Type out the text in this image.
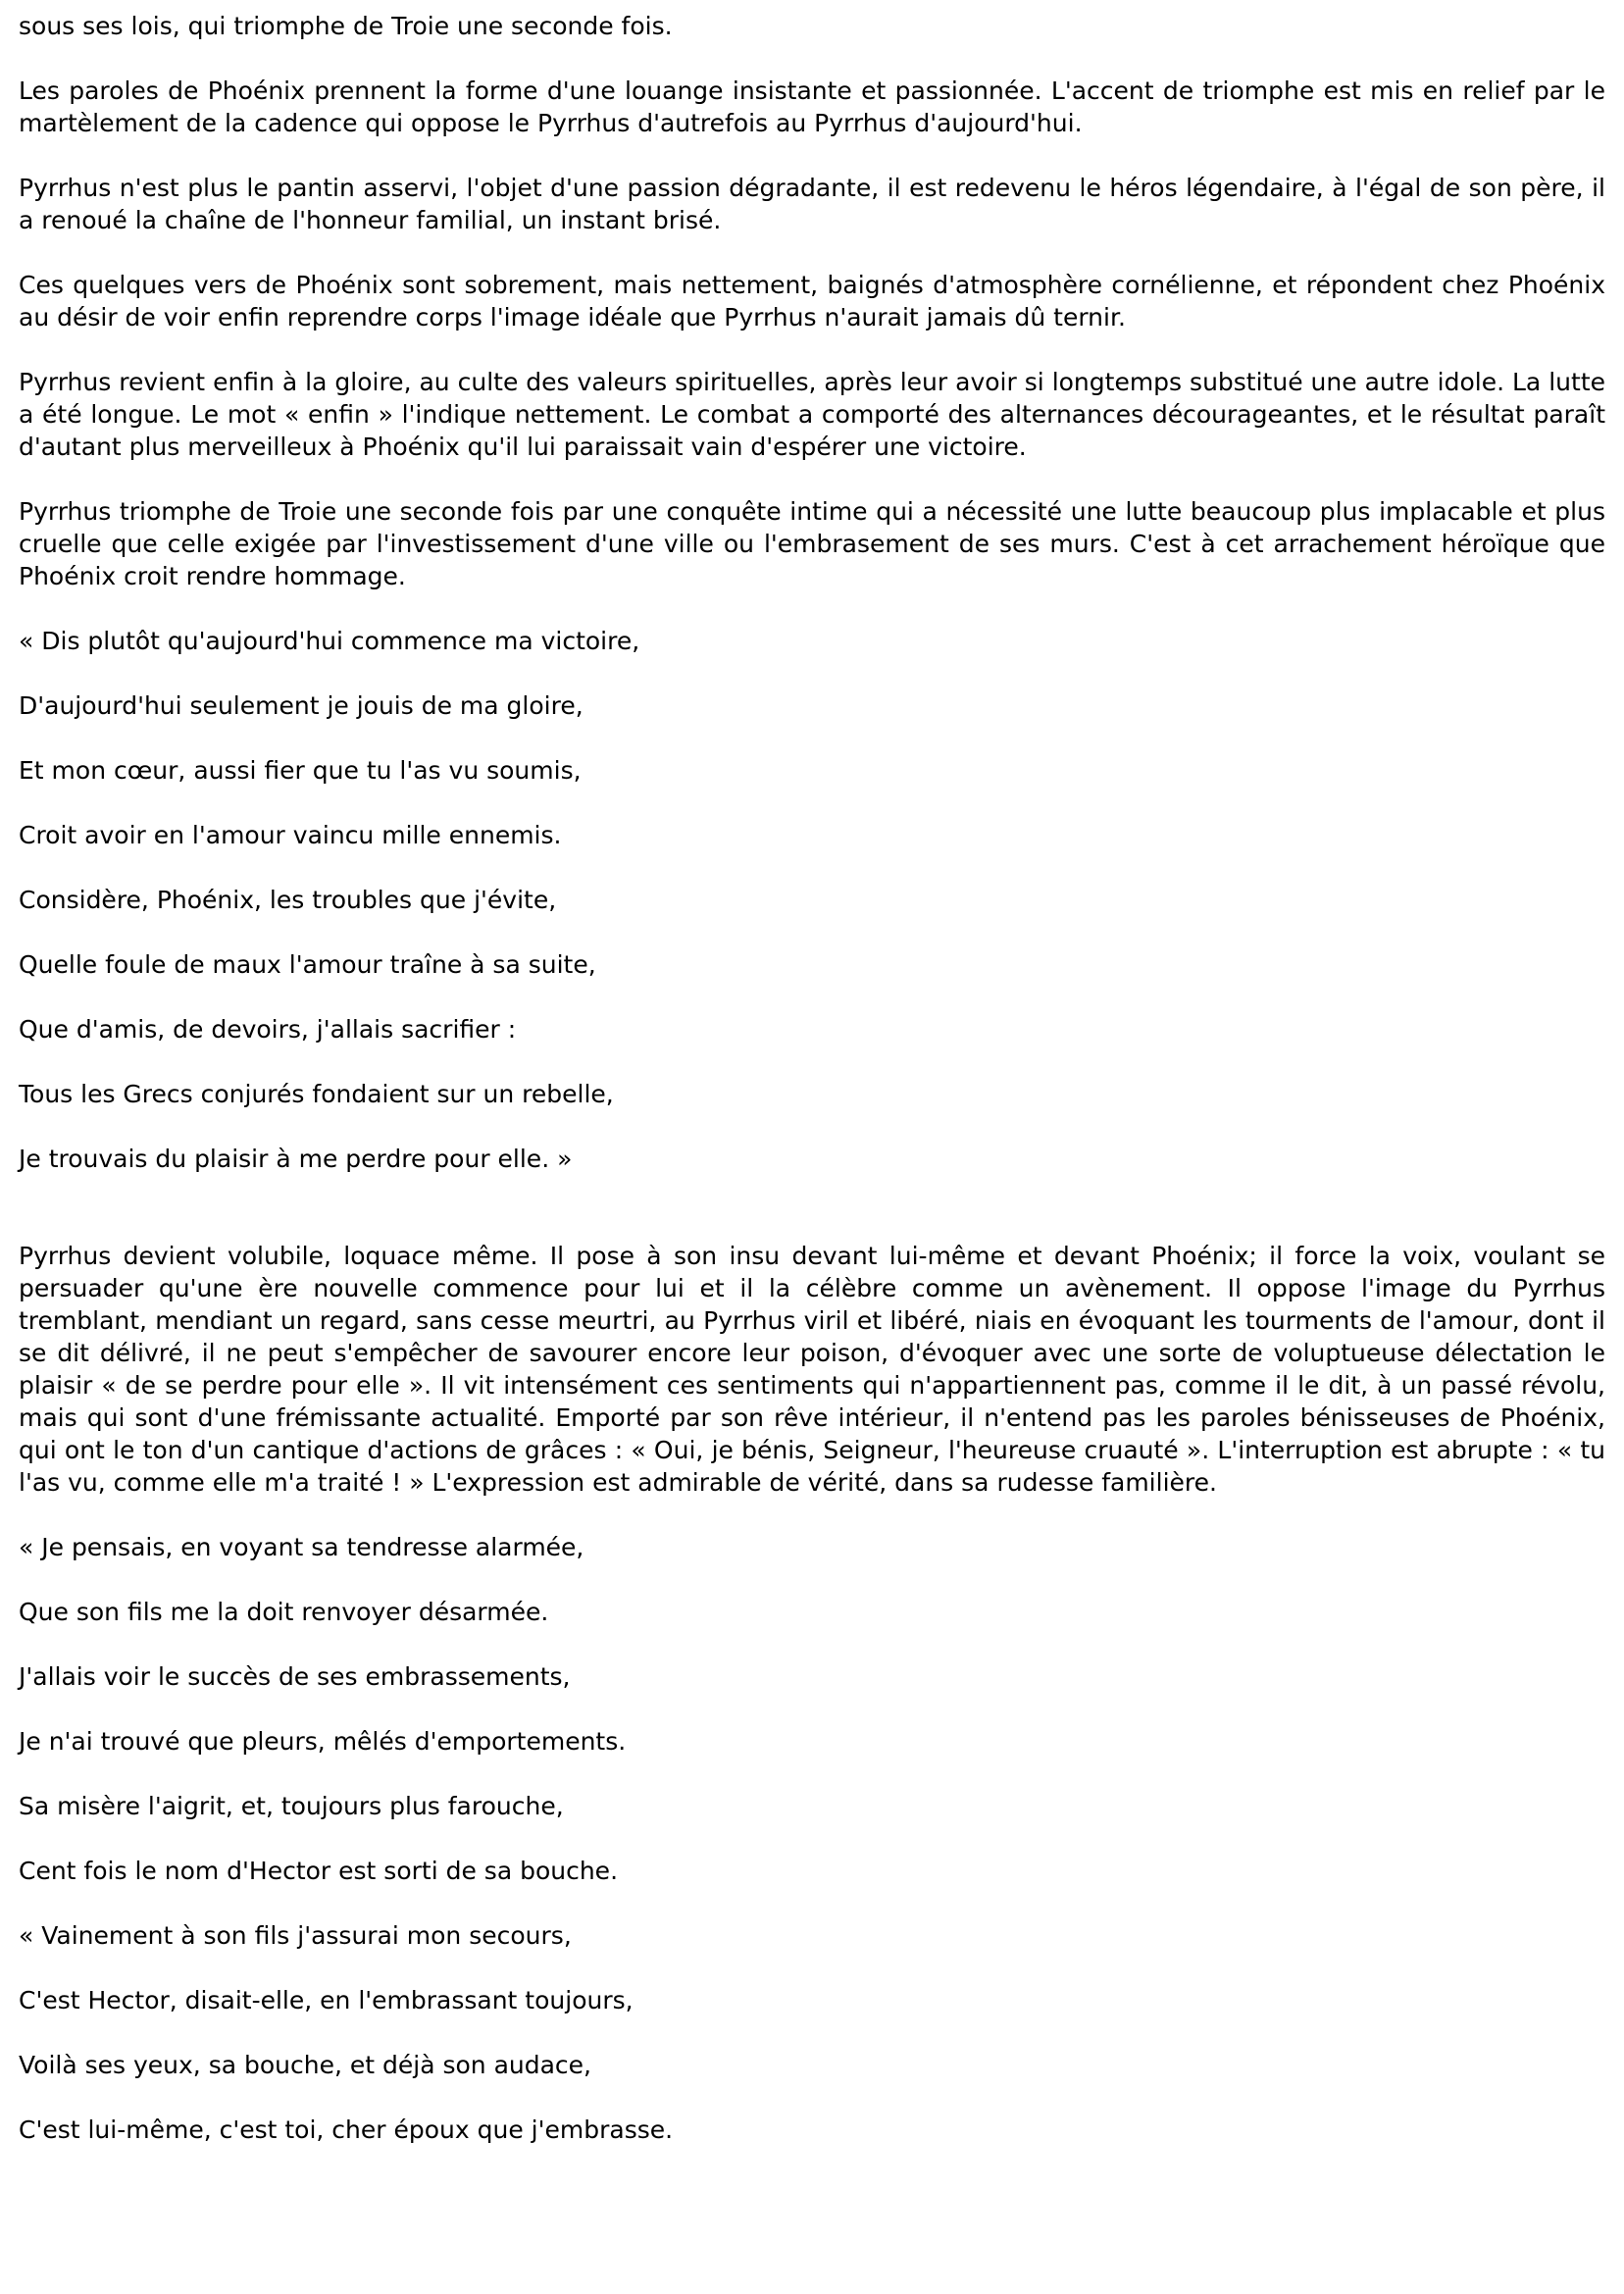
sous ses lois, qui triomphe de Troie une seconde fois.

Les paroles de Phoénix prennent la forme d'une louange insistante et passionnée. L'accent de triomphe est mis en relief par le martèlement de la cadence qui oppose le Pyrrhus d'autrefois au Pyrrhus d'aujourd'hui.

Pyrrhus n'est plus le pantin asservi, l'objet d'une passion dégradante, il est redevenu le héros légendaire, à l'égal de son père, il a renoué la chaîne de l'honneur familial, un instant brisé.

Ces quelques vers de Phoénix sont sobrement, mais nettement, baignés d'atmosphère cornélienne, et répondent chez Phoénix au désir de voir enfin reprendre corps l'image idéale que Pyrrhus n'aurait jamais dû ternir.

Pyrrhus revient enfin à la gloire, au culte des valeurs spirituelles, après leur avoir si longtemps substitué une autre idole. La lutte a été longue. Le mot « enfin » l'indique nettement. Le combat a comporté des alternances décourageantes, et le résultat paraît d'autant plus merveilleux à Phoénix qu'il lui paraissait vain d'espérer une victoire.

Pyrrhus triomphe de Troie une seconde fois par une conquête intime qui a nécessité une lutte beaucoup plus implacable et plus cruelle que celle exigée par l'investissement d'une ville ou l'embrasement de ses murs. C'est à cet arrachement héroïque que Phoénix croit rendre hommage.

« Dis plutôt qu'aujourd'hui commence ma victoire,

D'aujourd'hui seulement je jouis de ma gloire,

Et mon cœur, aussi fier que tu l'as vu soumis,

Croit avoir en l'amour vaincu mille ennemis.

Considère, Phoénix, les troubles que j'évite,

Quelle foule de maux l'amour traîne à sa suite,

Que d'amis, de devoirs, j'allais sacrifier :

Tous les Grecs conjurés fondaient sur un rebelle,

Je trouvais du plaisir à me perdre pour elle. »

Pyrrhus devient volubile, loquace même. Il pose à son insu devant lui-même et devant Phoénix; il force la voix, voulant se persuader qu'une ère nouvelle commence pour lui et il la célèbre comme un avènement. Il oppose l'image du Pyrrhus tremblant, mendiant un regard, sans cesse meurtri, au Pyrrhus viril et libéré, niais en évoquant les tourments de l'amour, dont il se dit délivré, il ne peut s'empêcher de savourer encore leur poison, d'évoquer avec une sorte de voluptueuse délectation le plaisir « de se perdre pour elle ». Il vit intensément ces sentiments qui n'appartiennent pas, comme il le dit, à un passé révolu, mais qui sont d'une frémissante actualité. Emporté par son rêve intérieur, il n'entend pas les paroles bénisseuses de Phoénix, qui ont le ton d'un cantique d'actions de grâces : « Oui, je bénis, Seigneur, l'heureuse cruauté ». L'interruption est abrupte : « tu l'as vu, comme elle m'a traité ! » L'expression est admirable de vérité, dans sa rudesse familière.

« Je pensais, en voyant sa tendresse alarmée,

Que son fils me la doit renvoyer désarmée.

J'allais voir le succès de ses embrassements,

Je n'ai trouvé que pleurs, mêlés d'emportements.

Sa misère l'aigrit, et, toujours plus farouche,

Cent fois le nom d'Hector est sorti de sa bouche.

« Vainement à son fils j'assurai mon secours,

C'est Hector, disait-elle, en l'embrassant toujours,

Voilà ses yeux, sa bouche, et déjà son audace,

C'est lui-même, c'est toi, cher époux que j'embrasse.
